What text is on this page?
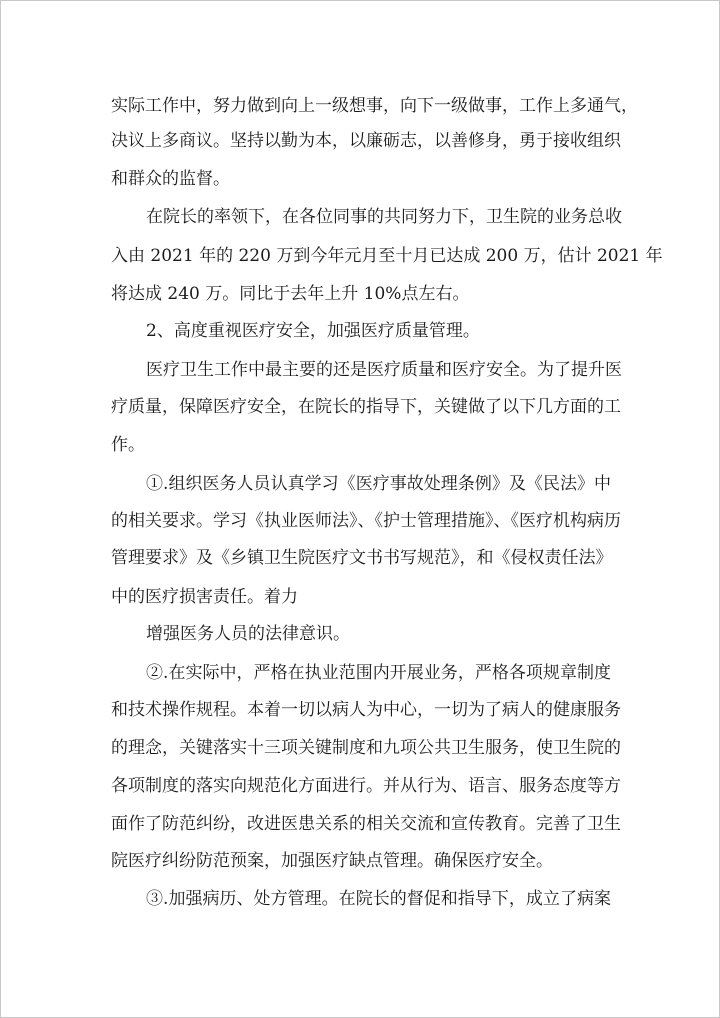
实际工作中，努力做到向上一级想事，向下一级做事，工作上多通气，
决议上多商议。坚持以勤为本，以廉砺志，以善修身，勇于接收组织
和群众的监督。
在院长的率领下，在各位同事的共同努力下，卫生院的业务总收
入由 2021 年的 220 万到今年元月至十月已达成 200 万，估计 2021 年
将达成 240 万。同比于去年上升 10%点左右。
2、高度重视医疗安全，加强医疗质量管理。
医疗卫生工作中最主要的还是医疗质量和医疗安全。为了提升医
疗质量，保障医疗安全，在院长的指导下，关键做了以下几方面的工
作。
①.组织医务人员认真学习《医疗事故处理条例》及《民法》中
的相关要求。学习《执业医师法》、《护士管理措施》、《医疗机构病历
管理要求》及《乡镇卫生院医疗文书书写规范》，和《侵权责任法》
中的医疗损害责任。着力
增强医务人员的法律意识。
②.在实际中，严格在执业范围内开展业务，严格各项规章制度
和技术操作规程。本着一切以病人为中心，一切为了病人的健康服务
的理念，关键落实十三项关键制度和九项公共卫生服务，使卫生院的
各项制度的落实向规范化方面进行。并从行为、语言、服务态度等方
面作了防范纠纷，改进医患关系的相关交流和宣传教育。完善了卫生
院医疗纠纷防范预案，加强医疗缺点管理。确保医疗安全。
③.加强病历、处方管理。在院长的督促和指导下，成立了病案
